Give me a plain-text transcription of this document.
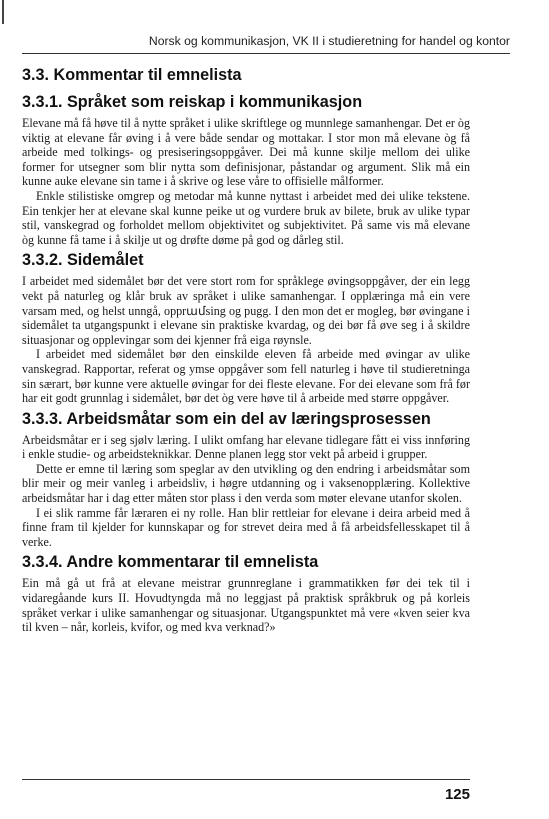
Norsk og kommunikasjon, VK II i studieretning for handel og kontor
3.3. Kommentar til emnelista
3.3.1. Språket som reiskap i kommunikasjon

Elevane må få høve til å nytte språket i ulike skriftlege og munnlege samanhengar. Det er òg viktig at elevane får øving i å vere både sendar og mottakar. I stor mon må elevane òg få arbeide med tolkings- og presiseringsoppgåver. Dei må kunne skilje mellom dei ulike former for utsegner som blir nytta som definisjonar, påstandar og argument. Slik må ein kunne auke elevane sin tame i å skrive og lese våre to offisielle målformer.

Enkle stilistiske omgrep og metodar må kunne nyttast i arbeidet med dei ulike tekstene. Ein tenkjer her at elevane skal kunne peike ut og vurdere bruk av bilete, bruk av ulike typar stil, vanskegrad og forholdet mellom objektivitet og subjektivitet. På same vis må elevane òg kunne få tame i å skilje ut og drøfte døme på god og dårleg stil.

3.3.2. Sidemålet

I arbeidet med sidemålet bør det vere stort rom for språklege øvingsoppgåver, der ein legg vekt på naturleg og klår bruk av språket i ulike samanhengar. I opplæringa må ein vere varsam med, og helst unngå, opprամsing og pugg. I den mon det er mogleg, bør øvingane i sidemålet ta utgangspunkt i elevane sin praktiske kvardag, og dei bør få øve seg i å skildre situasjonar og opplevingar som dei kjenner frå eiga røynsle.

I arbeidet med sidemålet bør den einskilde eleven få arbeide med øvingar av ulike vanskegrad. Rapportar, referat og ymse oppgåver som fell naturleg i høve til studieretninga sin særart, bør kunne vere aktuelle øvingar for dei fleste elevane. For dei elevane som frå før har eit godt grunnlag i sidemålet, bør det òg vere høve til å arbeide med større oppgåver.

3.3.3. Arbeidsmåtar som ein del av læringsprosessen

Arbeidsmåtar er i seg sjølv læring. I ulikt omfang har elevane tidlegare fått ei viss innføring i enkle studie- og arbeidsteknikkar. Denne planen legg stor vekt på arbeid i grupper.

Dette er emne til læring som speglar av den utvikling og den endring i arbeidsmåtar som blir meir og meir vanleg i arbeidsliv, i høgre utdanning og i vaksenopplæring. Kollektive arbeidsmåtar har i dag etter måten stor plass i den verda som møter elevane utanfor skolen.

I ei slik ramme får læraren ei ny rolle. Han blir rettleiar for elevane i deira arbeid med å finne fram til kjelder for kunnskapar og for strevet deira med å få arbeidsfellesskapet til å verke.

3.3.4. Andre kommentarar til emnelista

Ein må gå ut frå at elevane meistrar grunnreglane i grammatikken før dei tek til i vidaregåande kurs II. Hovudtyngda må no leggjast på praktisk språkbruk og på korleis språket verkar i ulike samanhengar og situasjonar. Utgangspunktet må vere «kven seier kva til kven – når, korleis, kvifor, og med kva verknad?»

125
